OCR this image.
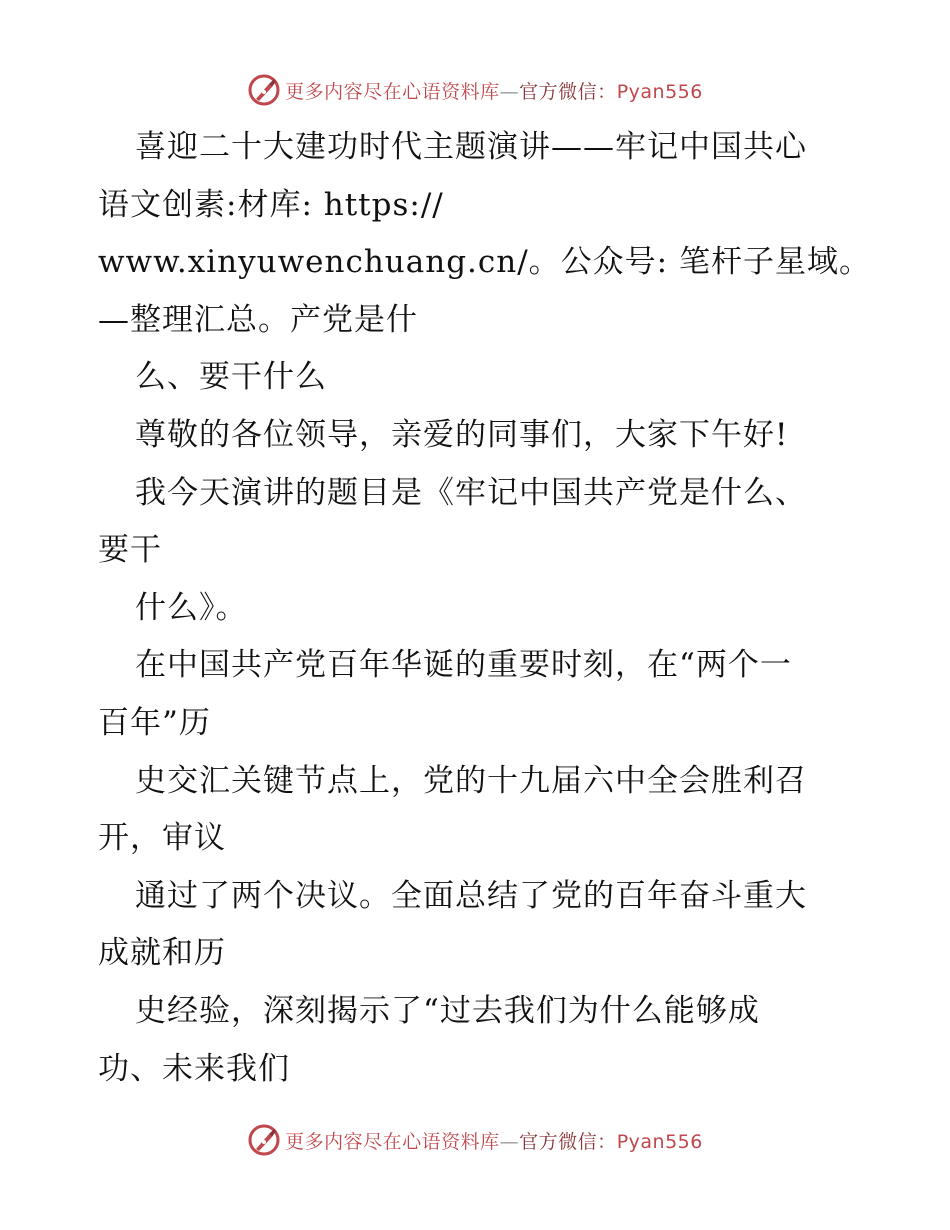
更多内容尽在心语资料库—官方微信：Pyan556
喜迎二十大建功时代主题演讲——牢记中国共心
语文创素:材库: https://
www.xinyuwenchuang.cn/。公众号: 笔杆子星域。
—整理汇总。产党是什
么、要干什么
尊敬的各位领导，亲爱的同事们，大家下午好!
我今天演讲的题目是《牢记中国共产党是什么、
要干
什么》。
在中国共产党百年华诞的重要时刻，在“两个一
百年”历
史交汇关键节点上，党的十九届六中全会胜利召
开，审议
通过了两个决议。全面总结了党的百年奋斗重大
成就和历
史经验，深刻揭示了“过去我们为什么能够成
功、未来我们
更多内容尽在心语资料库—官方微信：Pyan556
